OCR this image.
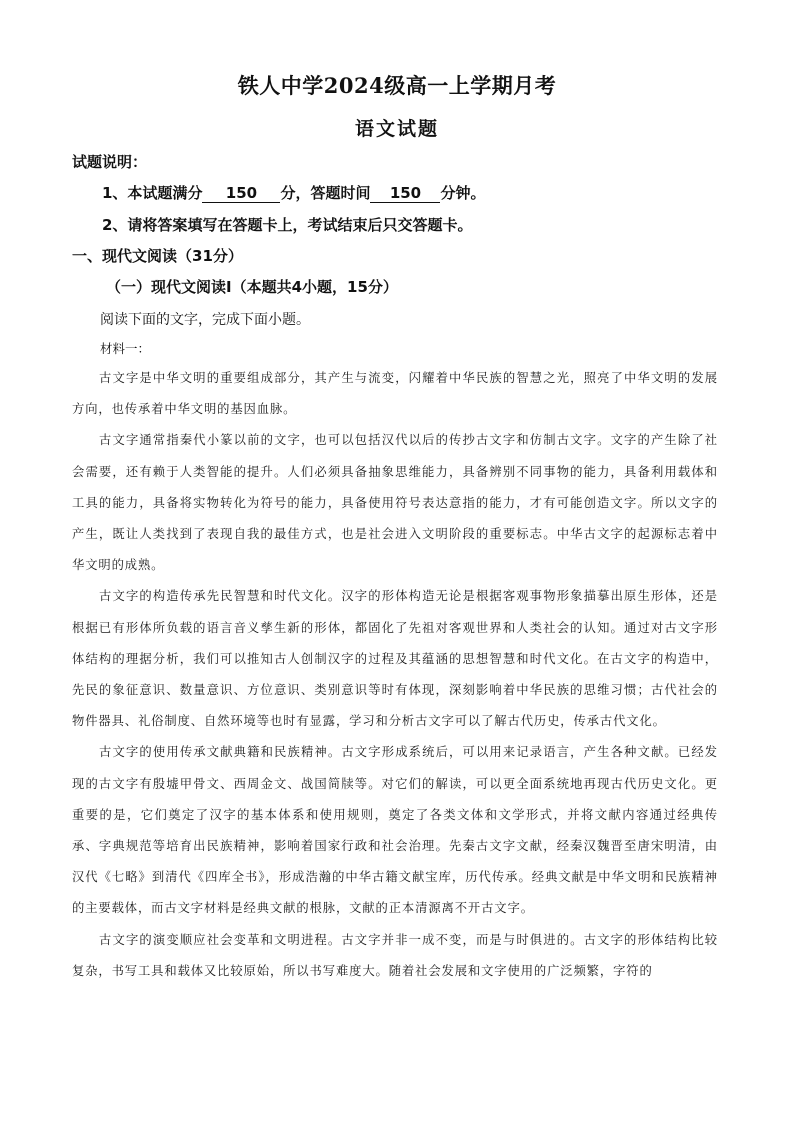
铁人中学2024级高一上学期月考
语文试题
试题说明：
1、本试题满分 150 分，答题时间 150 分钟。
2、请将答案填写在答题卡上，考试结束后只交答题卡。
一、现代文阅读（31分）
（一）现代文阅读Ⅰ（本题共4小题，15分）
阅读下面的文字，完成下面小题。
材料一：

古文字是中华文明的重要组成部分，其产生与流变，闪耀着中华民族的智慧之光，照亮了中华文明的发展方向，也传承着中华文明的基因血脉。

古文字通常指秦代小篆以前的文字，也可以包括汉代以后的传抄古文字和仿制古文字。文字的产生除了社会需要，还有赖于人类智能的提升。人们必须具备抽象思维能力，具备辨别不同事物的能力，具备利用载体和工具的能力，具备将实物转化为符号的能力，具备使用符号表达意指的能力，才有可能创造文字。所以文字的产生，既让人类找到了表现自我的最佳方式，也是社会进入文明阶段的重要标志。中华古文字的起源标志着中华文明的成熟。

古文字的构造传承先民智慧和时代文化。汉字的形体构造无论是根据客观事物形象描摹出原生形体，还是根据已有形体所负载的语言音义孳生新的形体，都固化了先祖对客观世界和人类社会的认知。通过对古文字形体结构的理据分析，我们可以推知古人创制汉字的过程及其蕴涵的思想智慧和时代文化。在古文字的构造中，先民的象征意识、数量意识、方位意识、类别意识等时有体现，深刻影响着中华民族的思维习惯；古代社会的物件器具、礼俗制度、自然环境等也时有显露，学习和分析古文字可以了解古代历史，传承古代文化。

古文字的使用传承文献典籍和民族精神。古文字形成系统后，可以用来记录语言，产生各种文献。已经发现的古文字有殷墟甲骨文、西周金文、战国简牍等。对它们的解读，可以更全面系统地再现古代历史文化。更重要的是，它们奠定了汉字的基本体系和使用规则，奠定了各类文体和文学形式，并将文献内容通过经典传承、字典规范等培育出民族精神，影响着国家行政和社会治理。先秦古文字文献，经秦汉魏晋至唐宋明清，由汉代《七略》到清代《四库全书》，形成浩瀚的中华古籍文献宝库，历代传承。经典文献是中华文明和民族精神的主要载体，而古文字材料是经典文献的根脉，文献的正本清源离不开古文字。

古文字的演变顺应社会变革和文明进程。古文字并非一成不变，而是与时俱进的。古文字的形体结构比较复杂，书写工具和载体又比较原始，所以书写难度大。随着社会发展和文字使用的广泛频繁，字符的
